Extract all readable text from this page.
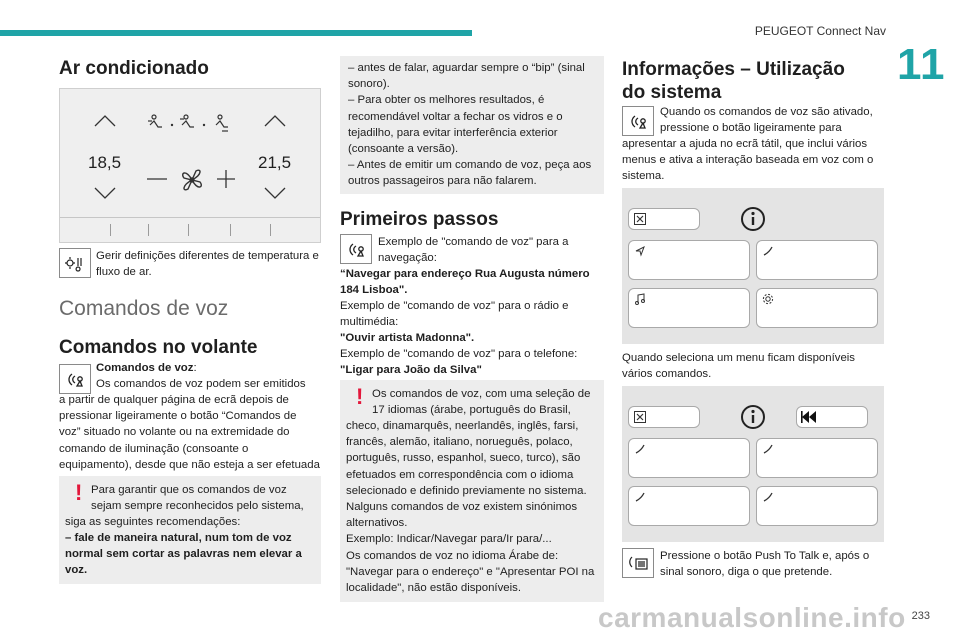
PEUGEOT Connect Nav
11
Ar condicionado
18,5	21,5
Gerir definições diferentes de temperatura e fluxo de ar.
Comandos de voz
Comandos no volante
Comandos de voz:
Os comandos de voz podem ser emitidos
a partir de qualquer página de ecrã depois de pressionar ligeiramente o botão “Comandos de voz” situado no volante ou na extremidade do comando de iluminação (consoante o equipamento), desde que não esteja a ser efetuada
! Para garantir que os comandos de voz
sejam sempre reconhecidos pelo sistema,
siga as seguintes recomendações:
– fale de maneira natural, num tom de voz normal sem cortar as palavras nem elevar a voz.
– antes de falar, aguardar sempre o “bip” (sinal sonoro).
– Para obter os melhores resultados, é recomendável voltar a fechar os vidros e o tejadilho, para evitar interferência exterior (consoante a versão).
– Antes de emitir um comando de voz, peça aos outros passageiros para não falarem.
Primeiros passos
Exemplo de "comando de voz" para a
navegação:
“Navegar para endereço Rua Augusta número 184 Lisboa".
Exemplo de "comando de voz" para o rádio e multimédia:
"Ouvir artista Madonna".
Exemplo de "comando de voz" para o telefone:
"Ligar para João da Silva"
! Os comandos de voz, com uma seleção de
17 idiomas (árabe, português do Brasil,
checo, dinamarquês, neerlandês, inglês, farsi, francês, alemão, italiano, norueguês, polaco, português, russo, espanhol, sueco, turco), são efetuados em correspondência com o idioma selecionado e definido previamente no sistema. Nalguns comandos de voz existem sinónimos alternativos.
Exemplo: Indicar/Navegar para/Ir para/...
Os comandos de voz no idioma Árabe de: "Navegar para o endereço" e "Apresentar POI na localidade", não estão disponíveis.
Informações – Utilização do sistema
Quando os comandos de voz são ativado,
pressione o botão ligeiramente para
apresentar a ajuda no ecrã tátil, que inclui vários menus e ativa a interação baseada em voz com o sistema.
Quando seleciona um menu ficam disponíveis vários comandos.
Pressione o botão Push To Talk e, após o
sinal sonoro, diga o que pretende.
233
carmanualsonline.info
